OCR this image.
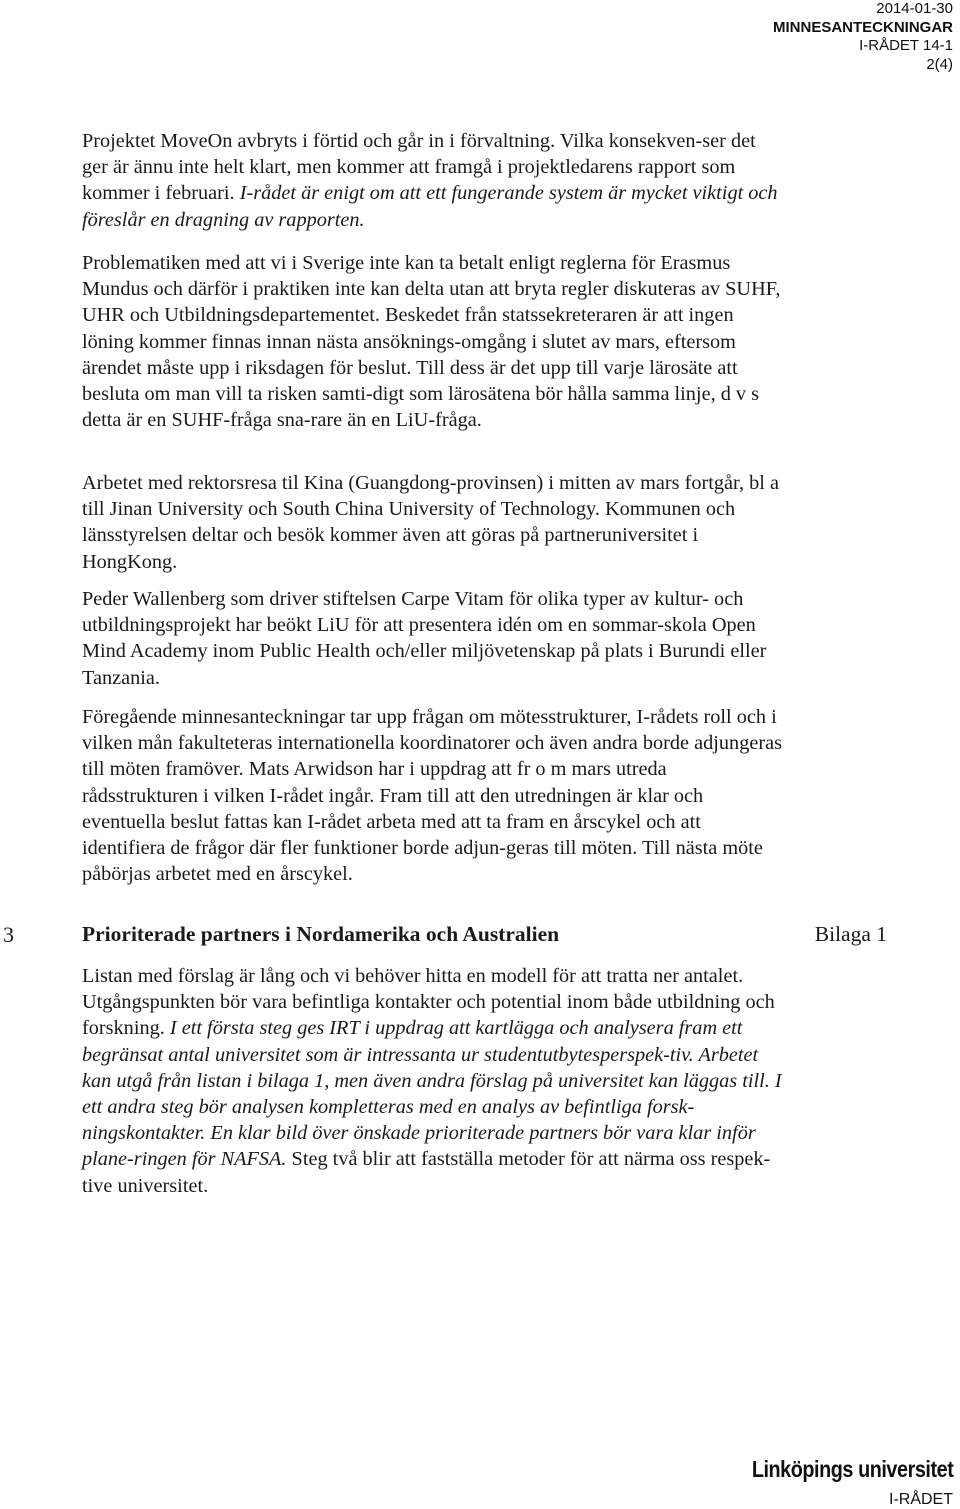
2014-01-30
MINNESANTECKNINGAR
I-RÅDET 14-1
2(4)

Projektet MoveOn avbryts i förtid och går in i förvaltning. Vilka konsekven-ser det ger är ännu inte helt klart, men kommer att framgå i projektledarens rapport som kommer i februari. I-rådet är enigt om att ett fungerande system är mycket viktigt och föreslår en dragning av rapporten.

Problematiken med att vi i Sverige inte kan ta betalt enligt reglerna för Erasmus Mundus och därför i praktiken inte kan delta utan att bryta regler diskuteras av SUHF, UHR och Utbildningsdepartementet. Beskedet från statssekreteraren är att ingen löning kommer finnas innan nästa ansöknings-omgång i slutet av mars, eftersom ärendet måste upp i riksdagen för beslut. Till dess är det upp till varje lärosäte att besluta om man vill ta risken samti-digt som lärosätena bör hålla samma linje, d v s detta är en SUHF-fråga sna-rare än en LiU-fråga.

Arbetet med rektorsresa til Kina (Guangdong-provinsen) i mitten av mars fortgår, bl a till Jinan University och South China University of Technology. Kommunen och länsstyrelsen deltar och besök kommer även att göras på partneruniversitet i HongKong.

Peder Wallenberg som driver stiftelsen Carpe Vitam för olika typer av kultur- och utbildningsprojekt har beökt LiU för att presentera idén om en sommar-skola Open Mind Academy inom Public Health och/eller miljövetenskap på plats i Burundi eller Tanzania.

Föregående minnesanteckningar tar upp frågan om mötesstrukturer, I-rådets roll och i vilken mån fakulteteras internationella koordinatorer och även andra borde adjungeras till möten framöver. Mats Arwidson har i uppdrag att fr o m mars utreda rådsstrukturen i vilken I-rådet ingår. Fram till att den utredningen är klar och eventuella beslut fattas kan I-rådet arbeta med att ta fram en årscykel och att identifiera de frågor där fler funktioner borde adjun-geras till möten. Till nästa möte påbörjas arbetet med en årscykel.

Listan med förslag är lång och vi behöver hitta en modell för att tratta ner antalet. Utgångspunkten bör vara befintliga kontakter och potential inom både utbildning och forskning. I ett första steg ges IRT i uppdrag att kartlägga och analysera fram ett begränsat antal universitet som är intressanta ur studentutbytesperspek-tiv. Arbetet kan utgå från listan i bilaga 1, men även andra förslag på universitet kan läggas till. I ett andra steg bör analysen kompletteras med en analys av befintliga forsk-ningskontakter. En klar bild över önskade prioriterade partners bör vara klar inför plane-ringen för NAFSA. Steg två blir att fastställa metoder för att närma oss respek-tive universitet.

3	Prioriterade partners i Nordamerika och Australien	Bilaga 1
Linköpings universitet
I-RÅDET
